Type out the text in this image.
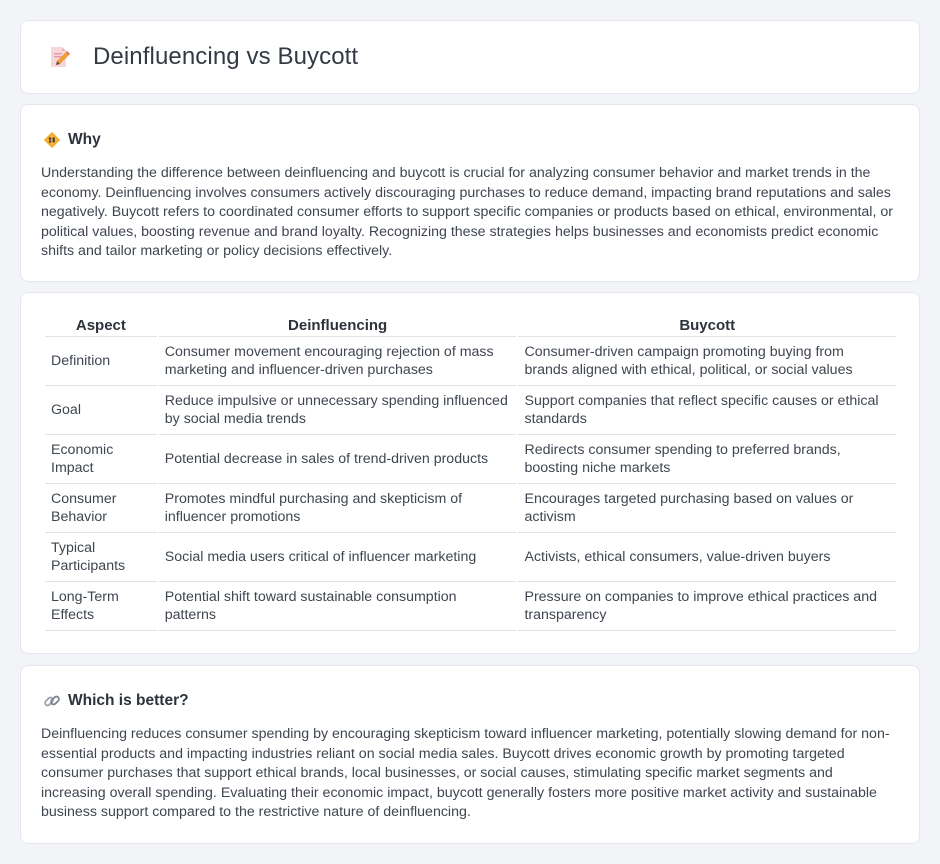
Deinfluencing vs Buycott
Why

Understanding the difference between deinfluencing and buycott is crucial for analyzing consumer behavior and market trends in the economy. Deinfluencing involves consumers actively discouraging purchases to reduce demand, impacting brand reputations and sales negatively. Buycott refers to coordinated consumer efforts to support specific companies or products based on ethical, environmental, or political values, boosting revenue and brand loyalty. Recognizing these strategies helps businesses and economists predict economic shifts and tailor marketing or policy decisions effectively.

Aspect	Deinfluencing	Buycott
Definition	Consumer movement encouraging rejection of mass marketing and influencer-driven purchases	Consumer-driven campaign promoting buying from brands aligned with ethical, political, or social values
Goal	Reduce impulsive or unnecessary spending influenced by social media trends	Support companies that reflect specific causes or ethical standards
Economic Impact	Potential decrease in sales of trend-driven products	Redirects consumer spending to preferred brands, boosting niche markets
Consumer Behavior	Promotes mindful purchasing and skepticism of influencer promotions	Encourages targeted purchasing based on values or activism
Typical Participants	Social media users critical of influencer marketing	Activists, ethical consumers, value-driven buyers
Long-Term Effects	Potential shift toward sustainable consumption patterns	Pressure on companies to improve ethical practices and transparency
Which is better?

Deinfluencing reduces consumer spending by encouraging skepticism toward influencer marketing, potentially slowing demand for non-essential products and impacting industries reliant on social media sales. Buycott drives economic growth by promoting targeted consumer purchases that support ethical brands, local businesses, or social causes, stimulating specific market segments and increasing overall spending. Evaluating their economic impact, buycott generally fosters more positive market activity and sustainable business support compared to the restrictive nature of deinfluencing.
